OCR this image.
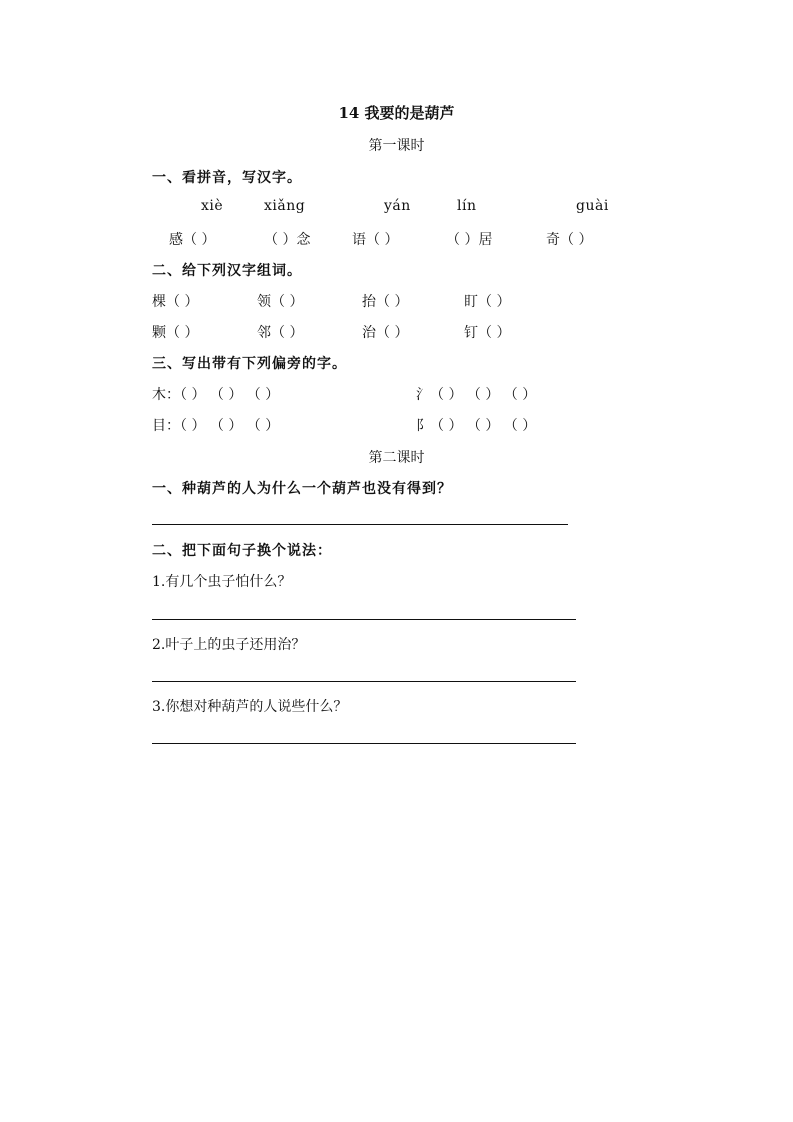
14 我要的是葫芦
第一课时
一、看拼音，写汉字。
xiè	xiǎng	yán	lín	guài
感（ ）	（ ）念	语（ ）	（ ）居	奇（ ）
二、给下列汉字组词。
棵（ ）	领（ ）	抬（ ）	盯（ ）
颗（ ）	邻（ ）	治（ ）	钉（ ）
三、写出带有下列偏旁的字。
木：（ ） （ ） （ ）	氵（ ） （ ） （ ）
目：（ ） （ ） （ ）	阝（ ） （ ） （ ）
第二课时
一、种葫芦的人为什么一个葫芦也没有得到？
二、把下面句子换个说法：
1.有几个虫子怕什么？
2.叶子上的虫子还用治？
3.你想对种葫芦的人说些什么？
